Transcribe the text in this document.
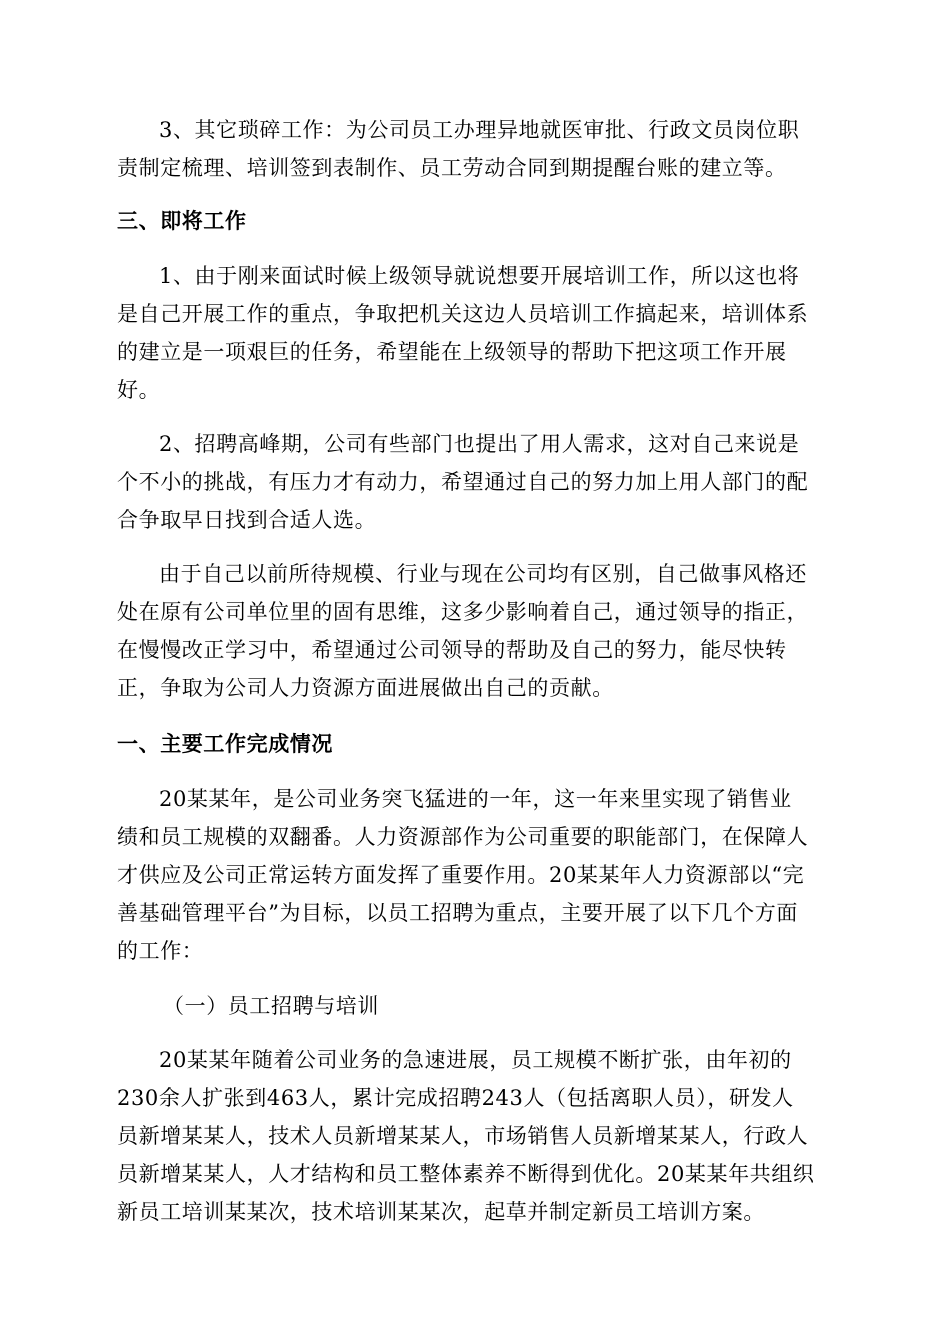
3、其它琐碎工作：为公司员工办理异地就医审批、行政文员岗位职
责制定梳理、培训签到表制作、员工劳动合同到期提醒台账的建立等。
三、即将工作
1、由于刚来面试时候上级领导就说想要开展培训工作，所以这也将
是自己开展工作的重点，争取把机关这边人员培训工作搞起来，培训体系
的建立是一项艰巨的任务，希望能在上级领导的帮助下把这项工作开展
好。
2、招聘高峰期，公司有些部门也提出了用人需求，这对自己来说是
个不小的挑战，有压力才有动力，希望通过自己的努力加上用人部门的配
合争取早日找到合适人选。
由于自己以前所待规模、行业与现在公司均有区别，自己做事风格还
处在原有公司单位里的固有思维，这多少影响着自己，通过领导的指正，
在慢慢改正学习中，希望通过公司领导的帮助及自己的努力，能尽快转
正，争取为公司人力资源方面进展做出自己的贡献。
一、主要工作完成情况
20某某年，是公司业务突飞猛进的一年，这一年来里实现了销售业
绩和员工规模的双翻番。人力资源部作为公司重要的职能部门，在保障人
才供应及公司正常运转方面发挥了重要作用。20某某年人力资源部以“完
善基础管理平台”为目标，以员工招聘为重点，主要开展了以下几个方面
的工作：
（一）员工招聘与培训
20某某年随着公司业务的急速进展，员工规模不断扩张，由年初的
230余人扩张到463人，累计完成招聘243人（包括离职人员），研发人
员新增某某人，技术人员新增某某人，市场销售人员新增某某人，行政人
员新增某某人，人才结构和员工整体素养不断得到优化。20某某年共组织
新员工培训某某次，技术培训某某次，起草并制定新员工培训方案。
